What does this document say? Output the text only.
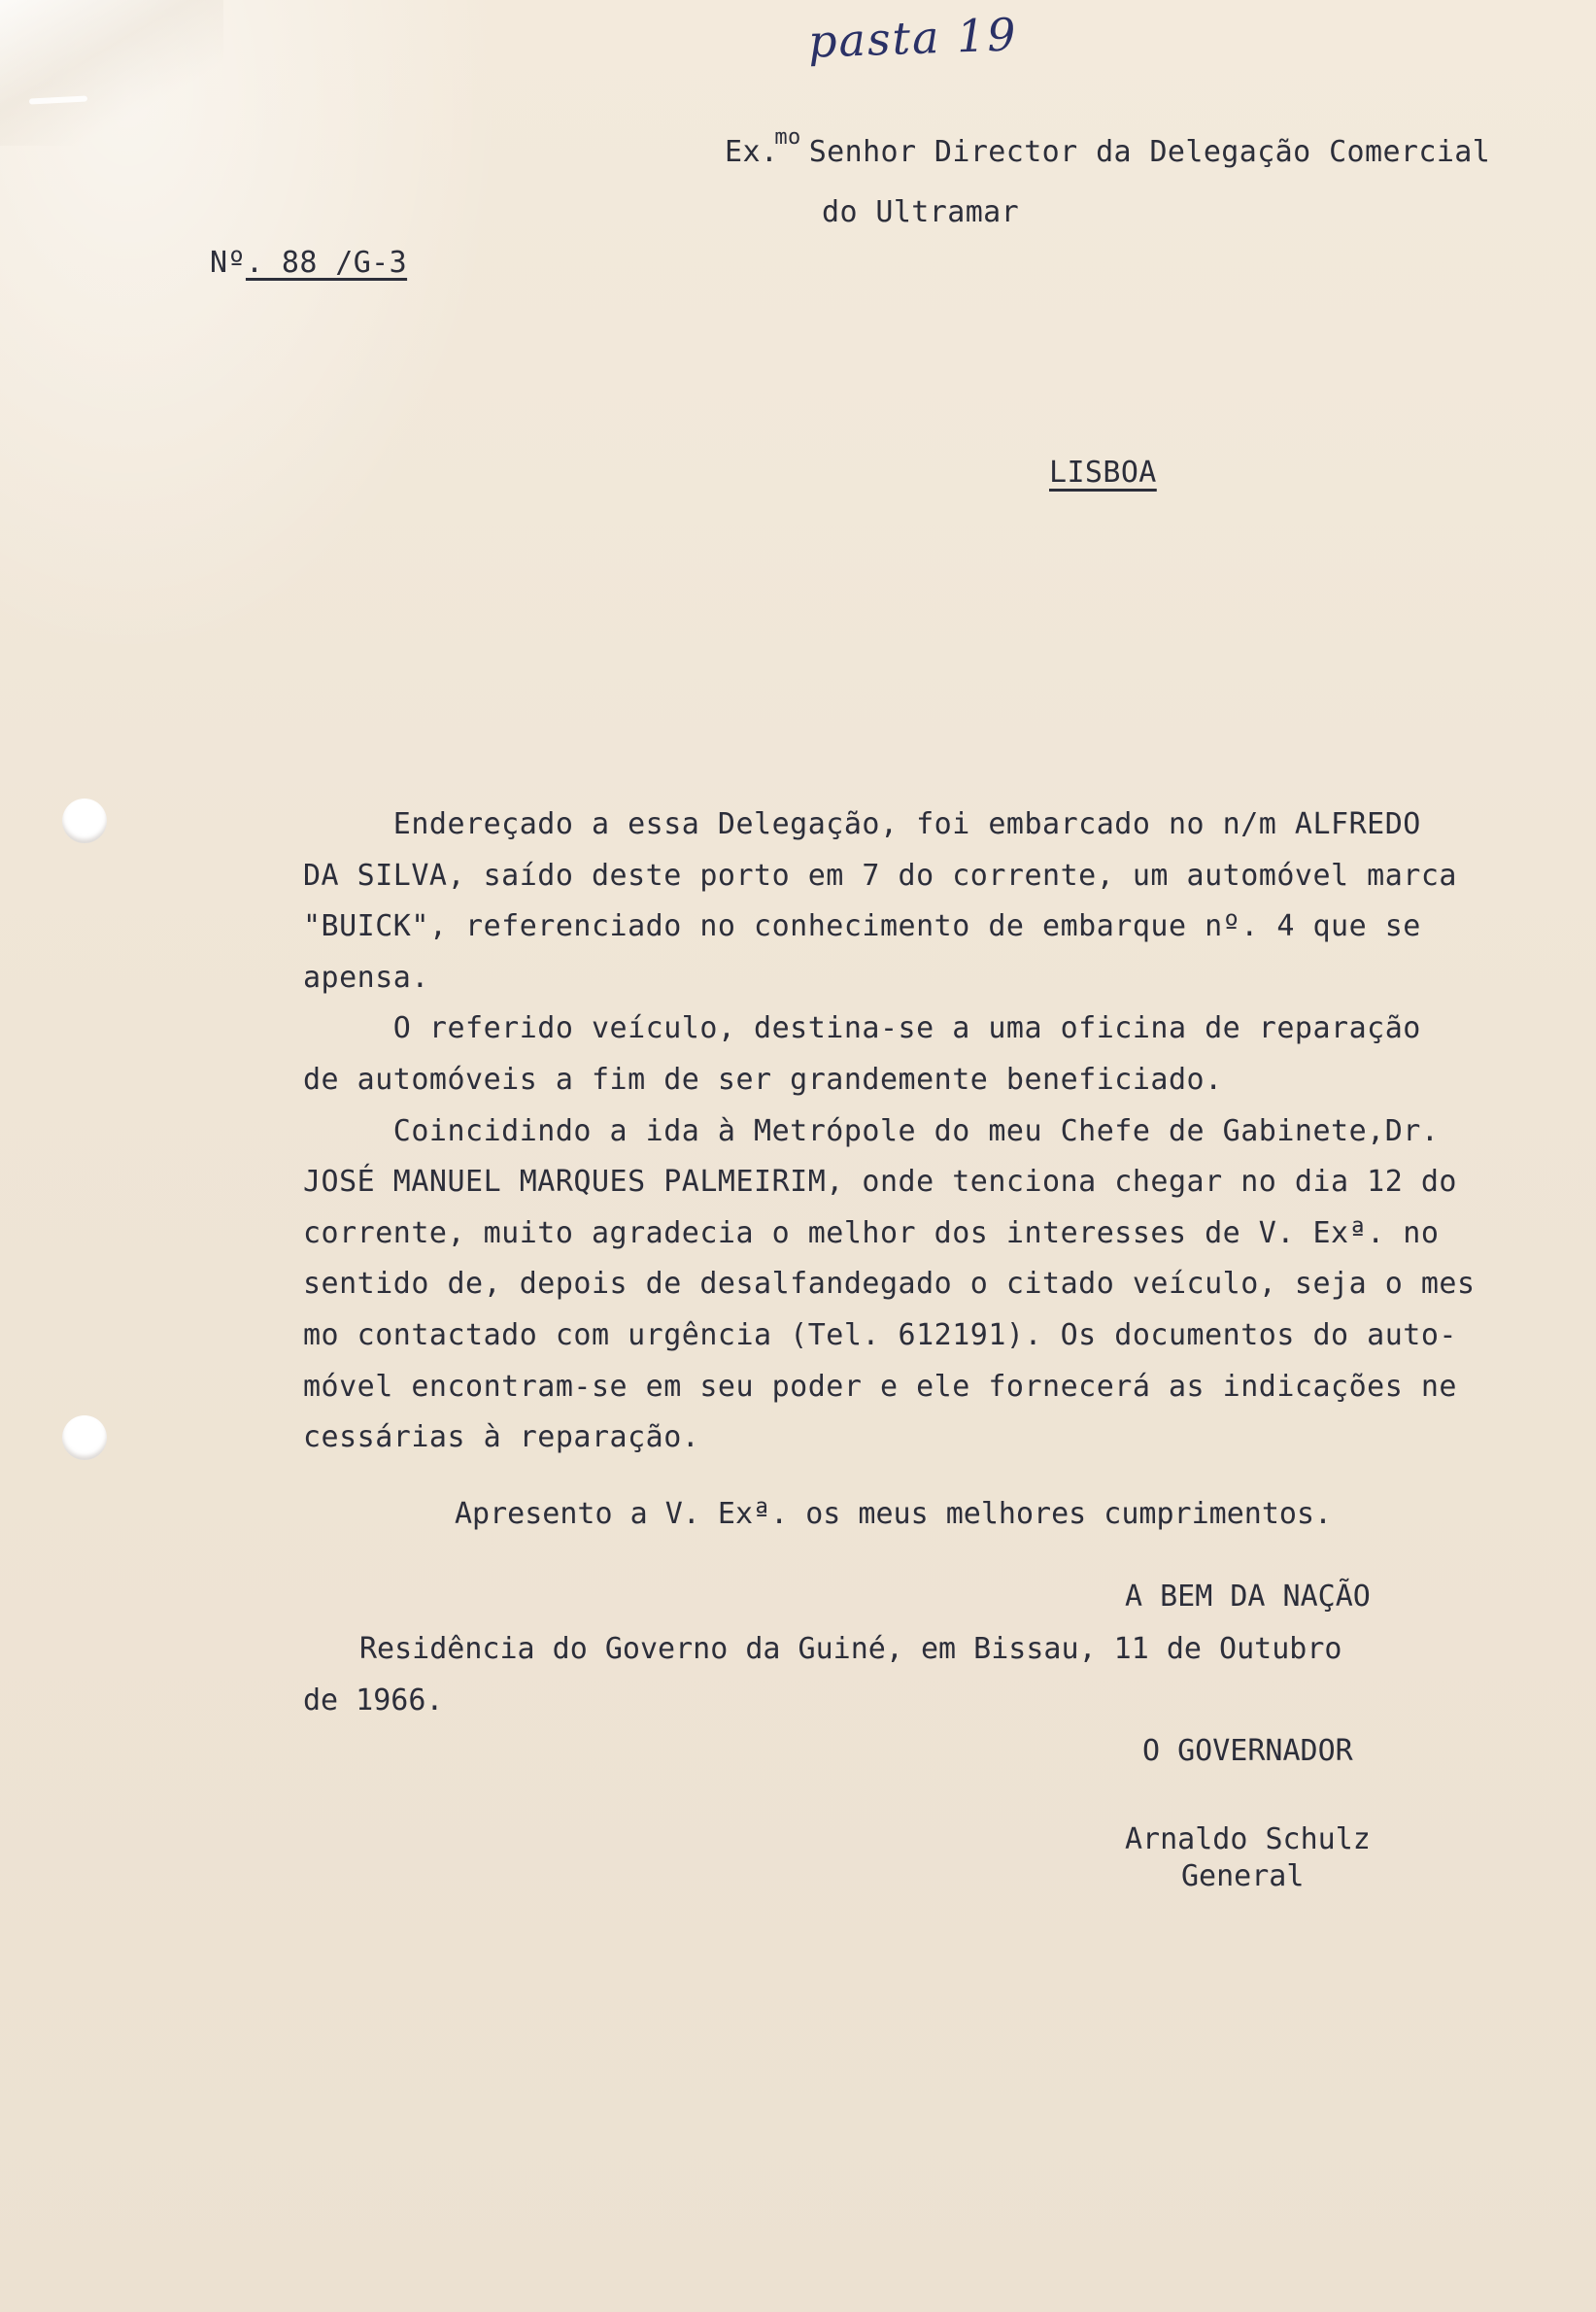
pasta 19
Ex.$^{mo}$ Senhor Director da Delegação Comercial
do Ultramar
Nº. 88 /G-3
LISBOA
Endereçado a essa Delegação, foi embarcado no n/m ALFREDO
DA SILVA, saído deste porto em 7 do corrente, um automóvel marca
"BUICK", referenciado no conhecimento de embarque nº. 4 que se
apensa.
O referido veículo, destina-se a uma oficina de reparação
de automóveis a fim de ser grandemente beneficiado.
Coincidindo a ida à Metrópole do meu Chefe de Gabinete,Dr.
JOSÉ MANUEL MARQUES PALMEIRIM, onde tenciona chegar no dia 12 do
corrente, muito agradecia o melhor dos interesses de V. Exª. no
sentido de, depois de desalfandegado o citado veículo, seja o mes
mo contactado com urgência (Tel. 612191). Os documentos do auto-
móvel encontram-se em seu poder e ele fornecerá as indicações ne
cessárias à reparação.
Apresento a V. Exª. os meus melhores cumprimentos.
A BEM DA NAÇÃO
Residência do Governo da Guiné, em Bissau, 11 de Outubro
de 1966.
O GOVERNADOR
Arnaldo Schulz
General
